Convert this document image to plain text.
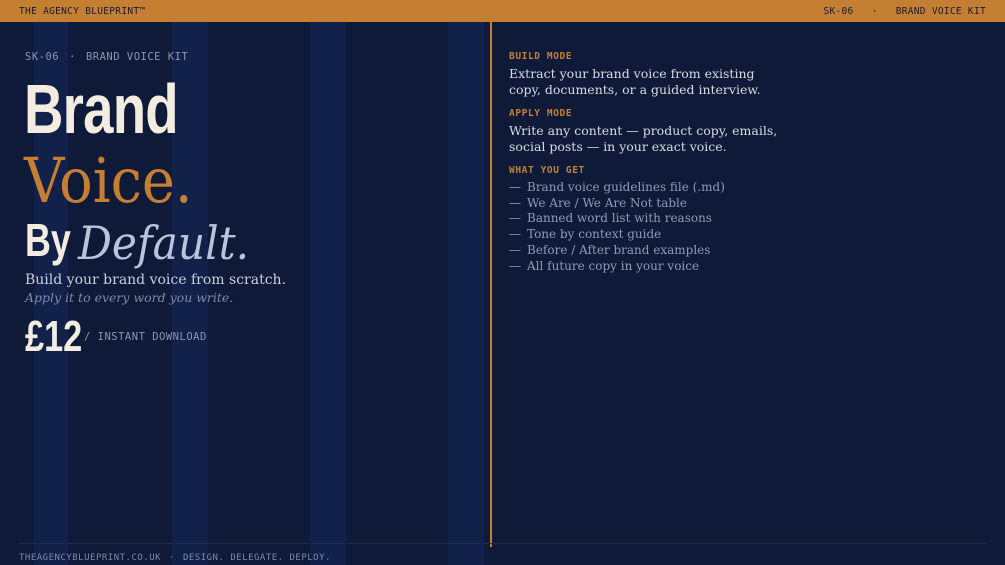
THE AGENCY BLUEPRINT™	SK-06 · BRAND VOICE KIT
SK-06 · BRAND VOICE KIT
Brand
Voice.
By Default.
Build your brand voice from scratch.
Apply it to every word you write.
£12 / INSTANT DOWNLOAD
BUILD MODE
Extract your brand voice from existing copy, documents, or a guided interview.
APPLY MODE
Write any content — product copy, emails, social posts — in your exact voice.
WHAT YOU GET
— Brand voice guidelines file (.md)
— We Are / We Are Not table
— Banned word list with reasons
— Tone by context guide
— Before / After brand examples
— All future copy in your voice
THEAGENCYBLUEPRINT.CO.UK · DESIGN. DELEGATE. DEPLOY.
